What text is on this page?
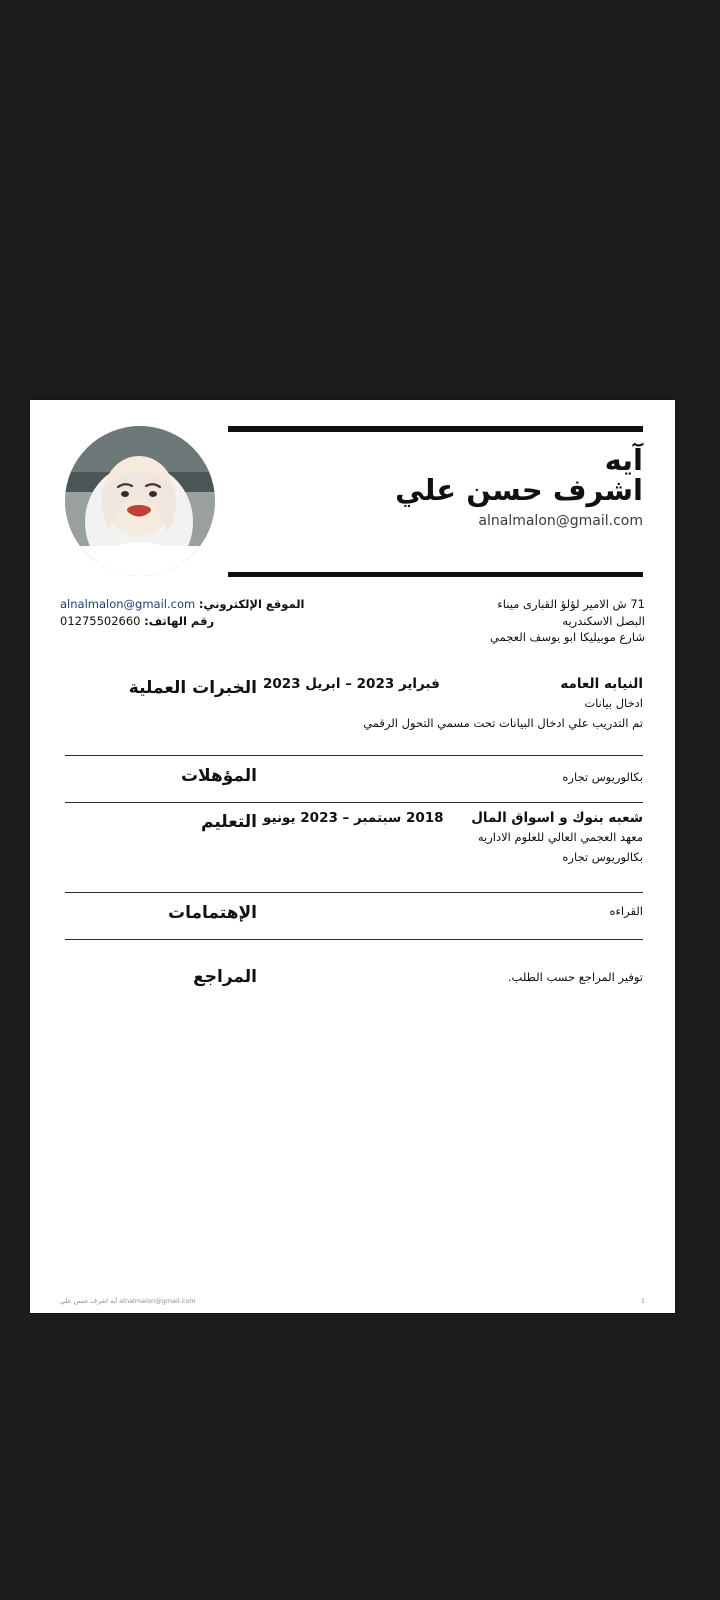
آيه
اشرف حسن علي
alnalmalon@gmail.com
71 ش الامير لؤلؤ القبارى ميناء
البصل الاسكندريه
شارع موبيليكا ابو يوسف العجمي
الموقع الإلكتروني: alnalmalon@gmail.com
رقم الهاتف: 01275502660
الخبرات العملية	النيابه العامه
فبراير 2023 – ابريل 2023
ادخال بيانات
تم التدريب علي ادخال البيانات تحت مسمي التحول الرقمي
المؤهلات	بكالوريوس تجاره
التعليم	شعبه بنوك و اسواق المال
2018 سبتمبر – 2023 يونيو
معهد العجمي العالي للعلوم الاداريه
بكالوريوس تجاره
الإهتمامات	القراءه
المراجع	توفير المراجع حسب الطلب.
1
alnalmalon@gmail.com آيه اشرف حسن علي
